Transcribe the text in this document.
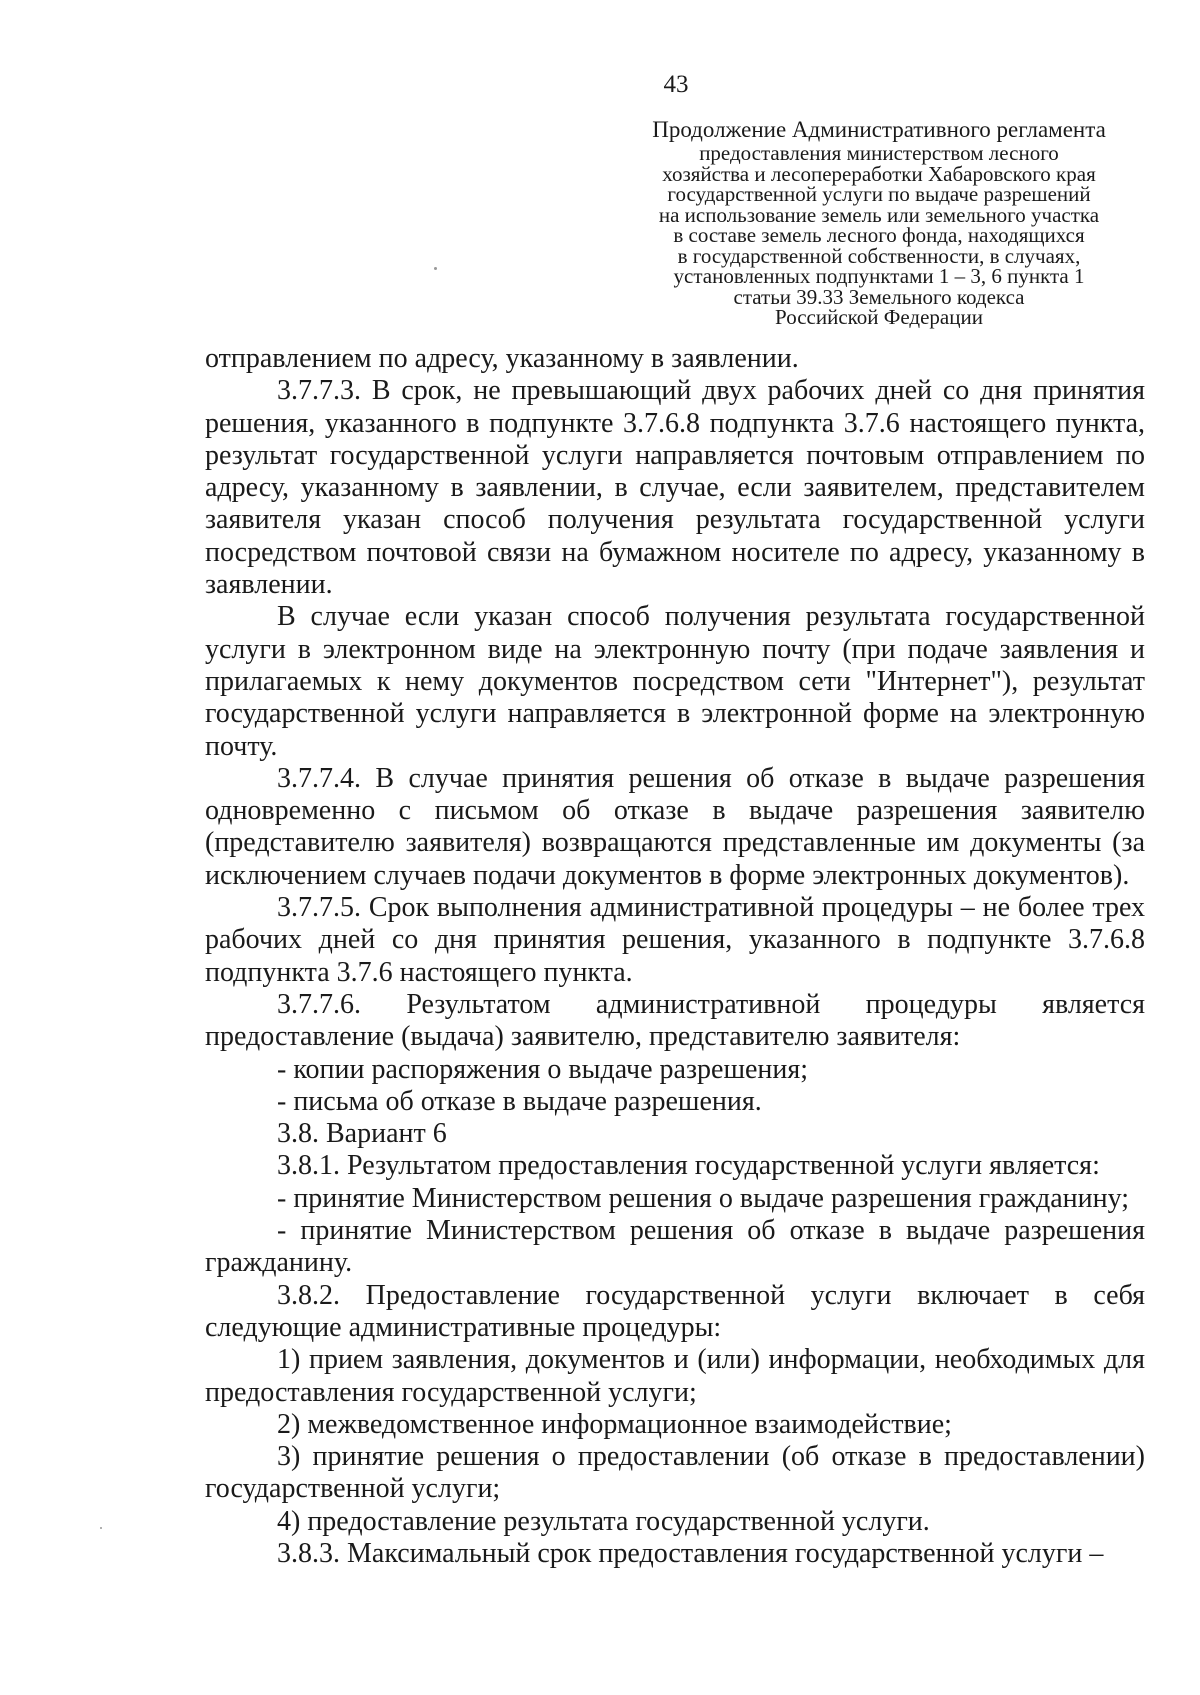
43
Продолжение Административного регламента
предоставления министерством лесного
хозяйства и лесопереработки Хабаровского края
государственной услуги по выдаче разрешений
на использование земель или земельного участка
в составе земель лесного фонда, находящихся
в государственной собственности, в случаях,
установленных подпунктами 1 – 3, 6 пункта 1
статьи 39.33 Земельного кодекса
Российской Федерации

отправлением по адресу, указанному в заявлении.

3.7.7.3. В срок, не превышающий двух рабочих дней со дня принятия решения, указанного в подпункте 3.7.6.8 подпункта 3.7.6 настоящего пункта, результат государственной услуги направляется почтовым отправлением по адресу, указанному в заявлении, в случае, если заявителем, представителем заявителя указан способ получения результата государственной услуги посредством почтовой связи на бумажном носителе по адресу, указанному в заявлении.

В случае если указан способ получения результата государственной услуги в электронном виде на электронную почту (при подаче заявления и прилагаемых к нему документов посредством сети "Интернет"), результат государственной услуги направляется в электронной форме на электронную почту.

3.7.7.4. В случае принятия решения об отказе в выдаче разрешения одновременно с письмом об отказе в выдаче разрешения заявителю (представителю заявителя) возвращаются представленные им документы (за исключением случаев подачи документов в форме электронных документов).

3.7.7.5. Срок выполнения административной процедуры – не более трех рабочих дней со дня принятия решения, указанного в подпункте 3.7.6.8 подпункта 3.7.6 настоящего пункта.

3.7.7.6. Результатом административной процедуры является предоставление (выдача) заявителю, представителю заявителя:

- копии распоряжения о выдаче разрешения;

- письма об отказе в выдаче разрешения.

3.8. Вариант 6

3.8.1. Результатом предоставления государственной услуги является:

- принятие Министерством решения о выдаче разрешения гражданину;

- принятие Министерством решения об отказе в выдаче разрешения гражданину.

3.8.2. Предоставление государственной услуги включает в себя следующие административные процедуры:

1) прием заявления, документов и (или) информации, необходимых для предоставления государственной услуги;

2) межведомственное информационное взаимодействие;

3) принятие решения о предоставлении (об отказе в предоставлении) государственной услуги;

4) предоставление результата государственной услуги.

3.8.3. Максимальный срок предоставления государственной услуги –
